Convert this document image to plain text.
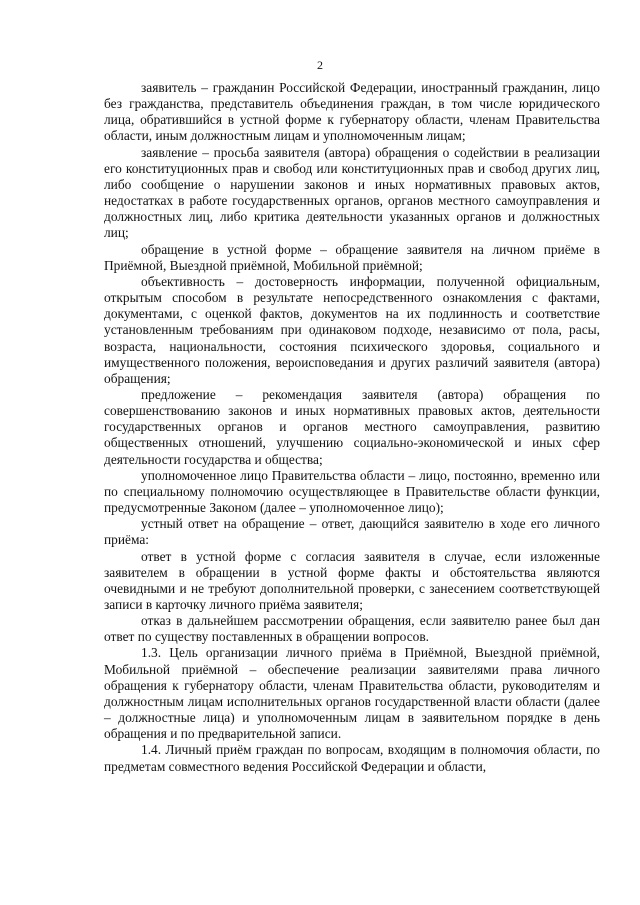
2

заявитель – гражданин Российской Федерации, иностранный гражданин, лицо без гражданства, представитель объединения граждан, в том числе юридического лица, обратившийся в устной форме к губернатору области, членам Правительства области, иным должностным лицам и уполномоченным лицам;

заявление – просьба заявителя (автора) обращения о содействии в реализации его конституционных прав и свобод или конституционных прав и свобод других лиц, либо сообщение о нарушении законов и иных нормативных правовых актов, недостатках в работе государственных органов, органов местного самоуправления и должностных лиц, либо критика деятельности указанных органов и должностных лиц;

обращение в устной форме – обращение заявителя на личном приёме в Приёмной, Выездной приёмной, Мобильной приёмной;

объективность – достоверность информации, полученной официальным, открытым способом в результате непосредственного ознакомления с фактами, документами, с оценкой фактов, документов на их подлинность и соответствие установленным требованиям при одинаковом подходе, независимо от пола, расы, возраста, национальности, состояния психического здоровья, социального и имущественного положения, вероисповедания и других различий заявителя (автора) обращения;

предложение – рекомендация заявителя (автора) обращения по совершенствованию законов и иных нормативных правовых актов, деятельности государственных органов и органов местного самоуправления, развитию общественных отношений, улучшению социально-экономической и иных сфер деятельности государства и общества;

уполномоченное лицо Правительства области – лицо, постоянно, временно или по специальному полномочию осуществляющее в Правительстве области функции, предусмотренные Законом (далее – уполномоченное лицо);

устный ответ на обращение – ответ, дающийся заявителю в ходе его личного приёма:

ответ в устной форме с согласия заявителя в случае, если изложенные заявителем в обращении в устной форме факты и обстоятельства являются очевидными и не требуют дополнительной проверки, с занесением соответствующей записи в карточку личного приёма заявителя;

отказ в дальнейшем рассмотрении обращения, если заявителю ранее был дан ответ по существу поставленных в обращении вопросов.

1.3. Цель организации личного приёма в Приёмной, Выездной приёмной, Мобильной приёмной – обеспечение реализации заявителями права личного обращения к губернатору области, членам Правительства области, руководителям и должностным лицам исполнительных органов государственной власти области (далее – должностные лица) и уполномоченным лицам в заявительном порядке в день обращения и по предварительной записи.

1.4. Личный приём граждан по вопросам, входящим в полномочия области, по предметам совместного ведения Российской Федерации и области,
